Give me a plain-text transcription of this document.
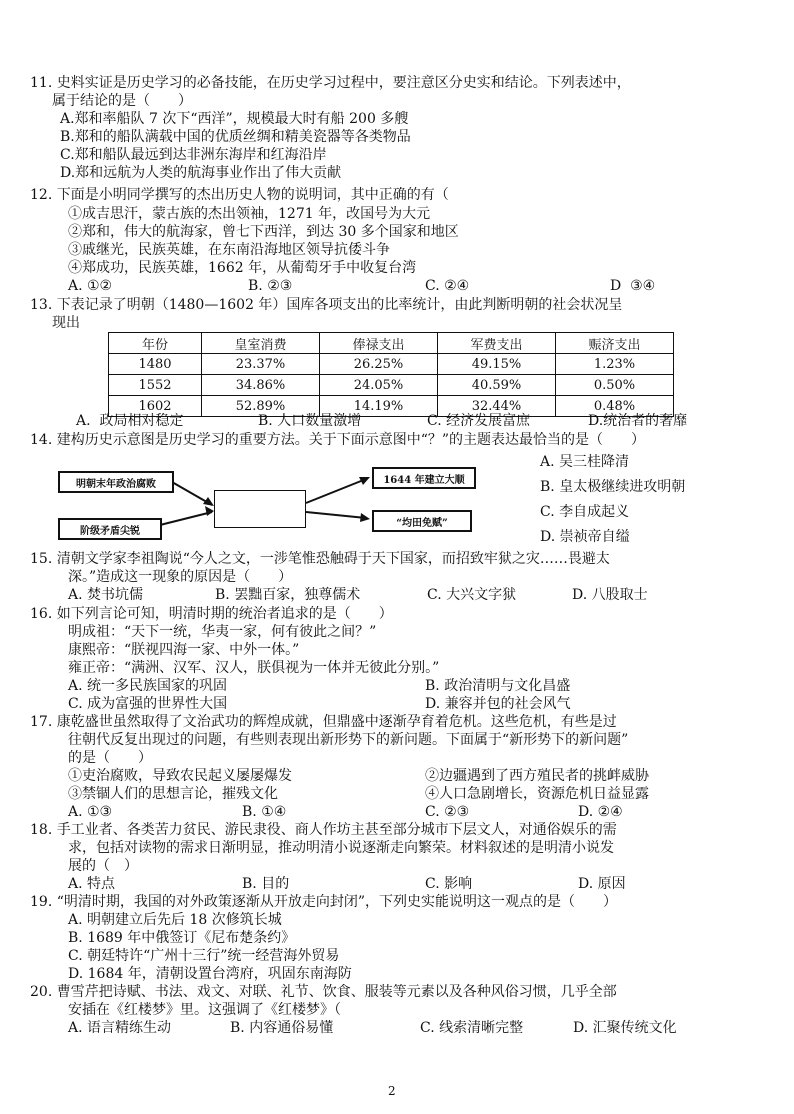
11. 史料实证是历史学习的必备技能，在历史学习过程中，要注意区分史实和结论。下列表述中，
属于结论的是（　　）
A.郑和率船队 7 次下“西洋”，规模最大时有船 200 多艘
B.郑和的船队满载中国的优质丝绸和精美瓷器等各类物品
C.郑和船队最远到达非洲东海岸和红海沿岸
D.郑和远航为人类的航海事业作出了伟大贡献
12. 下面是小明同学撰写的杰出历史人物的说明词，其中正确的有（
①成吉思汗，蒙古族的杰出领袖，1271 年，改国号为大元
②郑和，伟大的航海家，曾七下西洋，到达 30 多个国家和地区
③戚继光，民族英雄，在东南沿海地区领导抗倭斗争
④郑成功，民族英雄，1662 年，从葡萄牙手中收复台湾
A. ①②	B. ②③	C. ②④	D  ③④
13. 下表记录了明朝（1480—1602 年）国库各项支出的比率统计，由此判断明朝的社会状况呈
现出
年份	皇室消费	俸禄支出	军费支出	赈济支出
1480	23.37%	26.25%	49.15%	1.23%
1552	34.86%	24.05%	40.59%	0.50%
1602	52.89%	14.19%	32.44%	0.48%
A.  政局相对稳定	B. 人口数量激增	C. 经济发展富庶	D.统治者的奢靡
14. 建构历史示意图是历史学习的重要方法。关于下面示意图中“？”的主题表达最恰当的是（　　）
明朝末年政治腐败
阶级矛盾尖锐
1644 年建立大顺
“均田免赋”
A. 吴三桂降清
B. 皇太极继续进攻明朝
C. 李自成起义
D. 崇祯帝自缢
15. 清朝文学家李祖陶说“今人之文，一涉笔惟恐触碍于天下国家，而招致牢狱之灾……畏避太
深。”造成这一现象的原因是（　　）
A. 焚书坑儒	B. 罢黜百家，独尊儒术	C. 大兴文字狱	D. 八股取士
16. 如下列言论可知，明清时期的统治者追求的是（　　）
明成祖：“天下一统，华夷一家，何有彼此之间？”
康熙帝：“朕视四海一家、中外一体。”
雍正帝：“满洲、汉军、汉人，朕俱视为一体并无彼此分别。”
A. 统一多民族国家的巩固	B. 政治清明与文化昌盛
C. 成为富强的世界性大国	D. 兼容并包的社会风气
17. 康乾盛世虽然取得了文治武功的辉煌成就，但鼎盛中逐渐孕育着危机。这些危机，有些是过
往朝代反复出现过的问题，有些则表现出新形势下的新问题。下面属于“新形势下的新问题”
的是（　　）
①吏治腐败，导致农民起义屡屡爆发	②边疆遇到了西方殖民者的挑衅威胁
③禁锢人们的思想言论，摧残文化	④人口急剧增长，资源危机日益显露
A. ①③	B. ①④	C. ②③	D. ②④
18. 手工业者、各类苦力贫民、游民隶役、商人作坊主甚至部分城市下层文人，对通俗娱乐的需
求，包括对读物的需求日渐明显，推动明清小说逐渐走向繁荣。材料叙述的是明清小说发
展的（　）
A. 特点	B. 目的	C. 影响	D. 原因
19. “明清时期，我国的对外政策逐渐从开放走向封闭”，下列史实能说明这一观点的是（　　）
A. 明朝建立后先后 18 次修筑长城
B. 1689 年中俄签订《尼布楚条约》
C. 朝廷特许“广州十三行”统一经营海外贸易
D. 1684 年，清朝设置台湾府，巩固东南海防
20. 曹雪芹把诗赋、书法、戏文、对联、礼节、饮食、服装等元素以及各种风俗习惯，几乎全部
安插在《红楼梦》里。这强调了《红楼梦》（
A. 语言精练生动	B. 内容通俗易懂	C. 线索清晰完整	D. 汇聚传统文化
2
